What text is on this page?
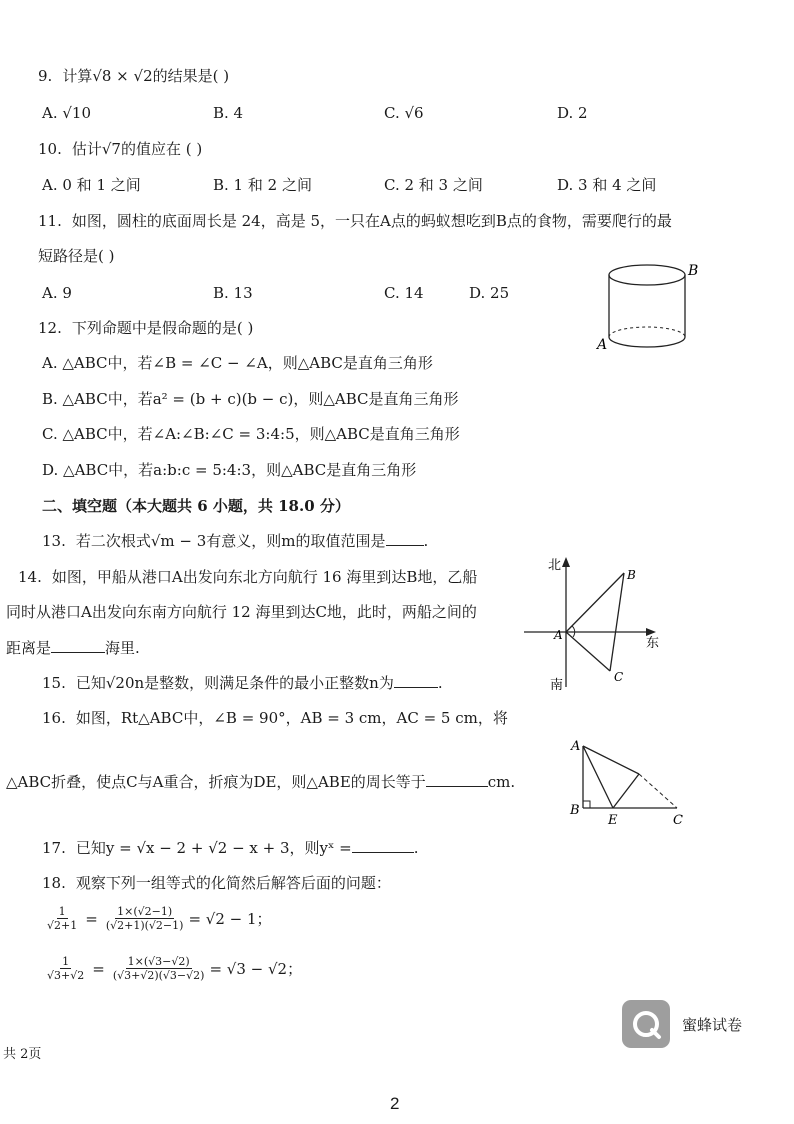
9. 计算√8 × √2的结果是( )
A. √10	B. 4	C. √6	D. 2
10. 估计√7的值应在 ( )
A. 0 和 1 之间	B. 1 和 2 之间	C. 2 和 3 之间	D. 3 和 4 之间
11. 如图，圆柱的底面周长是 24，高是 5，一只在A点的蚂蚁想吃到B点的食物，需要爬行的最
短路径是( )
A. 9	B. 13	C. 14	D. 25
B
A
12. 下列命题中是假命题的是( )
A. △ABC中，若∠B = ∠C − ∠A，则△ABC是直角三角形
B. △ABC中，若a² = (b + c)(b − c)，则△ABC是直角三角形
C. △ABC中，若∠A:∠B:∠C = 3:4:5，则△ABC是直角三角形
D. △ABC中，若a:b:c = 5:4:3，则△ABC是直角三角形
二、填空题（本大题共 6 小题，共 18.0 分）
13. 若二次根式√m − 3有意义，则m的取值范围是	.
14. 如图，甲船从港口A出发向东北方向航行 16 海里到达B地，乙船
同时从港口A出发向东南方向航行 12 海里到达C地，此时，两船之间的
距离是	海里.
北
东
南
A
B
C
15. 已知√20n是整数，则满足条件的最小正整数n为	.
16. 如图，Rt△ABC中，∠B = 90°，AB = 3 cm，AC = 5 cm，将
△ABC折叠，使点C与A重合，折痕为DE，则△ABE的周长等于	cm.
A
B
E	C
17. 已知y = √x − 2 + √2 − x + 3，则yˣ =	.
18. 观察下列一组等式的化简然后解答后面的问题：
$\frac{1}{√2+1} = \frac{1\times(√2-1)}{(√2+1)(√2-1)} = √2 - 1$；
$\frac{1}{√3+√2} = \frac{1\times(√3-√2)}{(√3+√2)(√3-√2)} = √3 - √2$；
蜜蜂试卷
共 2页
2
